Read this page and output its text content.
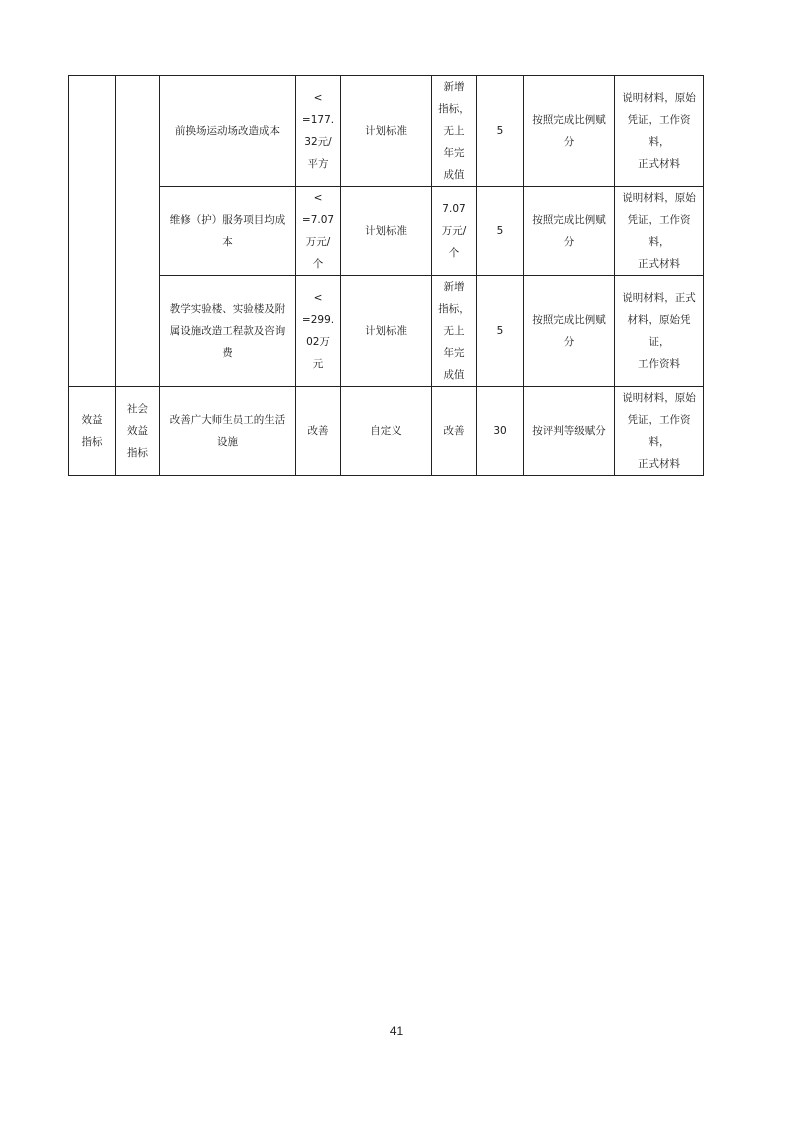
		前换场运动场改造成本	<
=177.
32元/
平方	计划标准	新增
指标，
无上
年完
成值	5	按照完成比例赋
分	说明材料，原始
凭证，工作资料，
正式材料
		维修（护）服务项目均成
本	<
=7.07
万元/
个	计划标准	7.07
万元/
个	5	按照完成比例赋
分	说明材料，原始
凭证，工作资料，
正式材料
		教学实验楼、实验楼及附
属设施改造工程款及咨询
费	<
=299.
02万
元	计划标准	新增
指标，
无上
年完
成值	5	按照完成比例赋
分	说明材料，正式
材料，原始凭证，
工作资料
效益
指标	社会
效益
指标	改善广大师生员工的生活
设施	改善	自定义	改善	30	按评判等级赋分	说明材料，原始
凭证，工作资料，
正式材料
41
